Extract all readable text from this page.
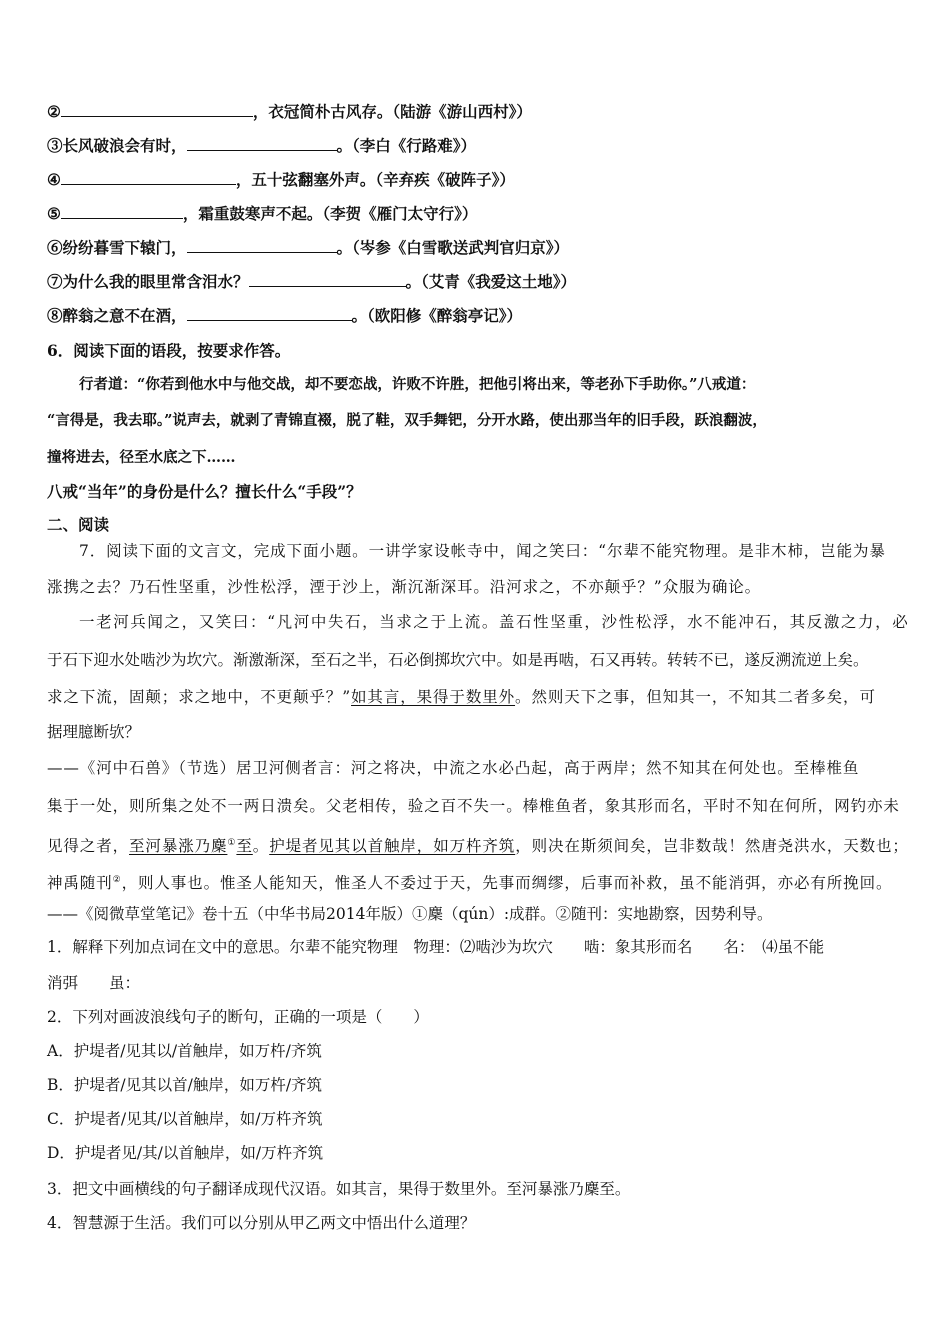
②	，衣冠简朴古风存。（陆游《游山西村》）
③长风破浪会有时，	。（李白《行路难》）
④	，五十弦翻塞外声。（辛弃疾《破阵子》）
⑤	，霜重鼓寒声不起。（李贺《雁门太守行》）
⑥纷纷暮雪下辕门，	。（岑参《白雪歌送武判官归京》）
⑦为什么我的眼里常含泪水？	。（艾青《我爱这土地》）
⑧醉翁之意不在酒，	。（欧阳修《醉翁亭记》）
6．阅读下面的语段，按要求作答。
行者道：“你若到他水中与他交战，却不要恋战，许败不许胜，把他引将出来，等老孙下手助你。”八戒道：
“言得是，我去耶。”说声去，就剥了青锦直裰，脱了鞋，双手舞钯，分开水路，使出那当年的旧手段，跃浪翻波，
撞将进去，径至水底之下……
八戒“当年”的身份是什么？擅长什么“手段”？
二、阅读
7．阅读下面的文言文，完成下面小题。一讲学家设帐寺中，闻之笑曰：“尔辈不能究物理。是非木柿，岂能为暴
涨携之去？乃石性坚重，沙性松浮，湮于沙上，渐沉渐深耳。沿河求之，不亦颠乎？”众服为确论。
一老河兵闻之，又笑曰：“凡河中失石，当求之于上流。盖石性坚重，沙性松浮，水不能冲石，其反激之力，必
于石下迎水处啮沙为坎穴。渐激渐深，至石之半，石必倒掷坎穴中。如是再啮，石又再转。转转不已，遂反溯流逆上矣。
求之下流，固颠；求之地中，不更颠乎？”如其言，果得于数里外。然则天下之事，但知其一，不知其二者多矣，可
据理臆断欤？
——《河中石兽》（节选）居卫河侧者言：河之将决，中流之水必凸起，高于两岸；然不知其在何处也。至棒椎鱼
集于一处，则所集之处不一两日溃矣。父老相传，验之百不失一。棒椎鱼者，象其形而名，平时不知在何所，网钓亦未
见得之者，至河暴涨乃麇①至。护堤者见其以首触岸，如万杵齐筑，则决在斯须间矣，岂非数哉！然唐尧洪水，天数也；
神禹随刊②，则人事也。惟圣人能知天，惟圣人不委过于天，先事而绸缪，后事而补救，虽不能消弭，亦必有所挽回。
——《阅微草堂笔记》卷十五（中华书局2014年版）①麇（qún）:成群。②随刊：实地勘察，因势利导。
1．解释下列加点词在文中的意思。尔辈不能究物理　物理：⑵啮沙为坎穴　　啮：象其形而名　　名：　⑷虽不能
消弭　　虽：
2．下列对画波浪线句子的断句，正确的一项是（　　）
A．护堤者/见其以/首触岸，如万杵/齐筑
B．护堤者/见其以首/触岸，如万杵/齐筑
C．护堤者/见其/以首触岸，如/万杵齐筑
D．护堤者见/其/以首触岸，如/万杵齐筑
3．把文中画横线的句子翻译成现代汉语。如其言，果得于数里外。至河暴涨乃麇至。
4．智慧源于生活。我们可以分别从甲乙两文中悟出什么道理？
